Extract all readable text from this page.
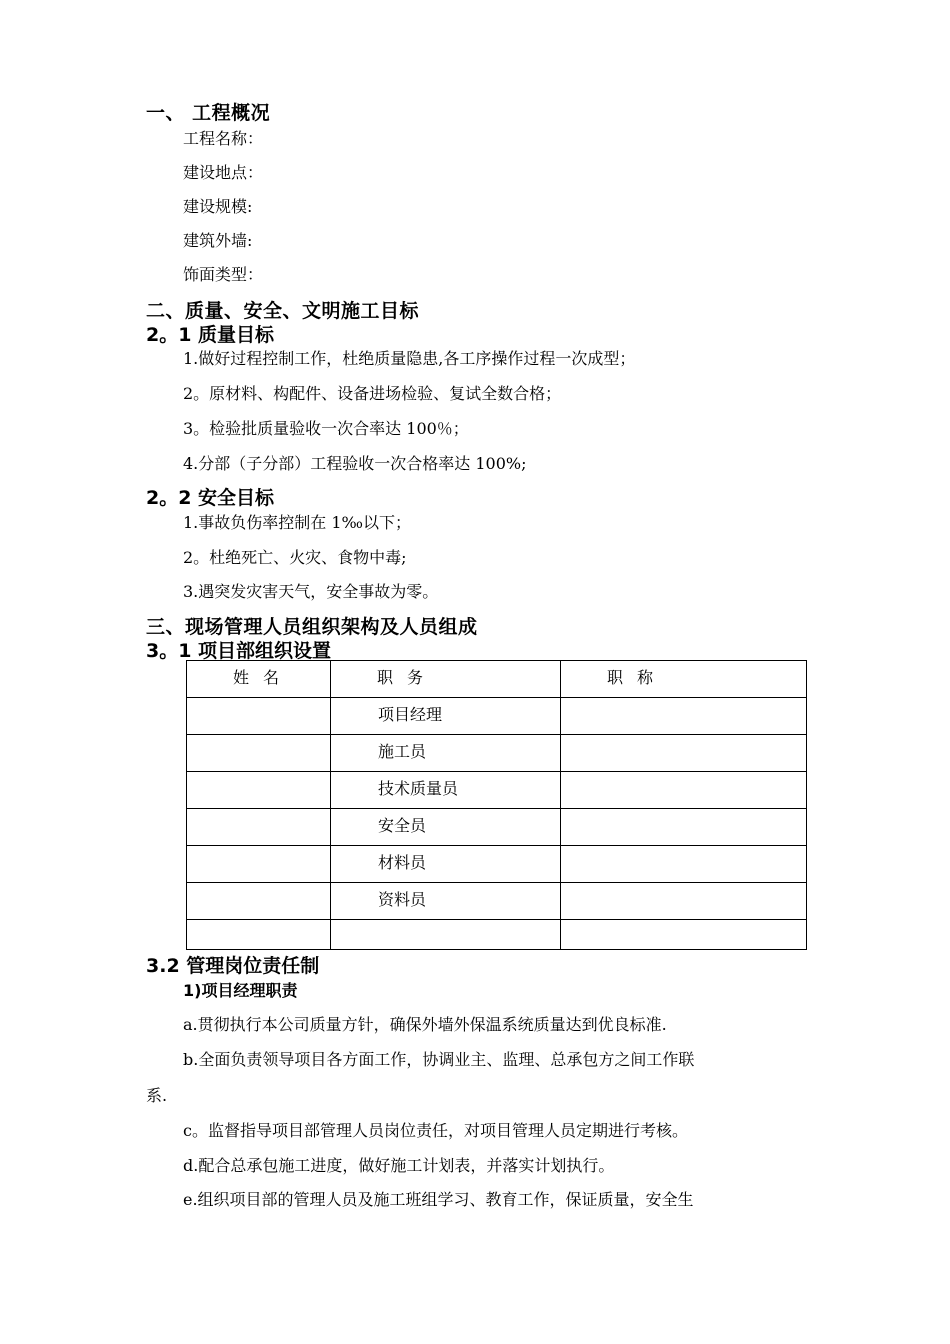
一、 工程概况
工程名称：
建设地点：
建设规模:
建筑外墙:
饰面类型：
二、质量、安全、文明施工目标
2。1 质量目标
1.做好过程控制工作，杜绝质量隐患,各工序操作过程一次成型；
2。原材料、构配件、设备进场检验、复试全数合格；
3。检验批质量验收一次合率达 100％；
4.分部（子分部）工程验收一次合格率达 100%;
2。2 安全目标
1.事故负伤率控制在 1‰以下；
2。杜绝死亡、火灾、食物中毒;
3.遇突发灾害天气，安全事故为零。
三、现场管理人员组织架构及人员组成
3。1 项目部组织设置
姓名	职务	职称

	项目经理	

	施工员	

	技术质量员	

	安全员	

	材料员	

	资料员	

3.2 管理岗位责任制
1)项目经理职责
a.贯彻执行本公司质量方针，确保外墙外保温系统质量达到优良标准.
b.全面负责领导项目各方面工作，协调业主、监理、总承包方之间工作联
系.
c。监督指导项目部管理人员岗位责任，对项目管理人员定期进行考核。
d.配合总承包施工进度，做好施工计划表，并落实计划执行。
e.组织项目部的管理人员及施工班组学习、教育工作，保证质量，安全生
